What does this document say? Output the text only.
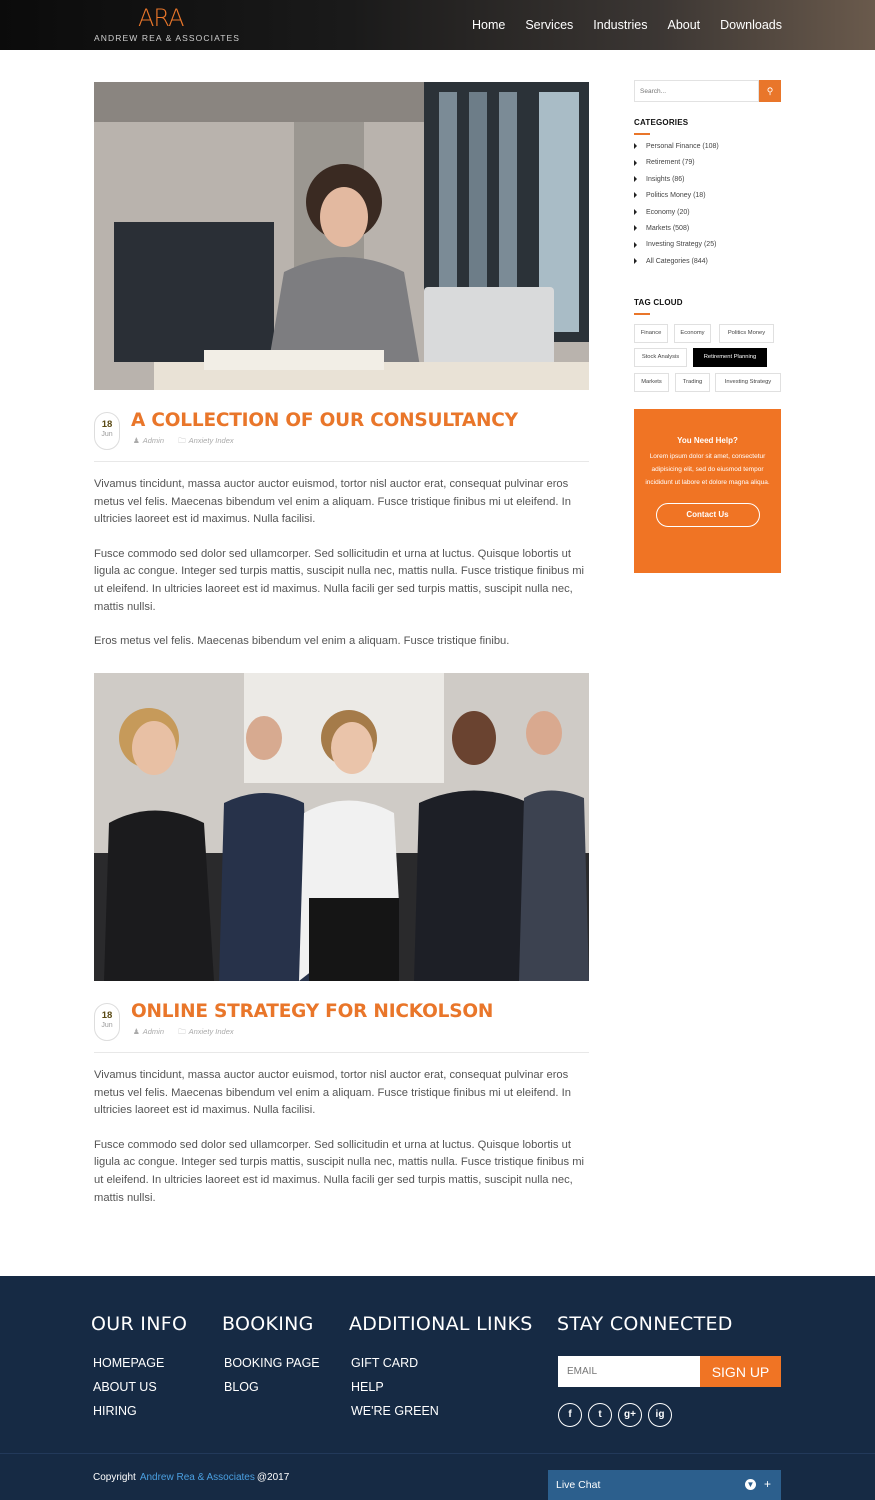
ARA
ANDREW REA & ASSOCIATES
Home Services Industries About Downloads
18
Jun
A COLLECTION OF OUR CONSULTANCY
♟ Admin 🗀 Anxiety Index

Vivamus tincidunt, massa auctor auctor euismod, tortor nisl auctor erat, consequat pulvinar eros metus vel felis. Maecenas bibendum vel enim a aliquam. Fusce tristique finibus mi ut eleifend. In ultricies laoreet est id maximus. Nulla facilisi.

Fusce commodo sed dolor sed ullamcorper. Sed sollicitudin et urna at luctus. Quisque lobortis ut ligula ac congue. Integer sed turpis mattis, suscipit nulla nec, mattis nulla. Fusce tristique finibus mi ut eleifend. In ultricies laoreet est id maximus. Nulla facili ger sed turpis mattis, suscipit nulla nec, mattis nullsi.

Eros metus vel felis. Maecenas bibendum vel enim a aliquam. Fusce tristique finibu.

18
Jun
ONLINE STRATEGY FOR NICKOLSON
♟ Admin 🗀 Anxiety Index

Vivamus tincidunt, massa auctor auctor euismod, tortor nisl auctor erat, consequat pulvinar eros metus vel felis. Maecenas bibendum vel enim a aliquam. Fusce tristique finibus mi ut eleifend. In ultricies laoreet est id maximus. Nulla facilisi.

Fusce commodo sed dolor sed ullamcorper. Sed sollicitudin et urna at luctus. Quisque lobortis ut ligula ac congue. Integer sed turpis mattis, suscipit nulla nec, mattis nulla. Fusce tristique finibus mi ut eleifend. In ultricies laoreet est id maximus. Nulla facili ger sed turpis mattis, suscipit nulla nec, mattis nullsi.

Search...
⚲
CATEGORIES
Personal Finance (108)
Retirement (79)
Insights (86)
Politics Money (18)
Economy (20)
Markets (508)
Investing Strategy (25)
All Categories (844)
TAG CLOUD
Finance	Economy	Politics Money
Stock Analysis	Retirement Planning
Markets	Trading	Investing Strategy
You Need Help?

Lorem ipsum dolor sit amet, consectetur adipisicing elit, sed do eiusmod tempor incididunt ut labore et dolore magna aliqua.

Contact Us
OUR INFO
HOMEPAGE
ABOUT US
HIRING
BOOKING
BOOKING PAGE
BLOG
ADDITIONAL LINKS
GIFT CARD
HELP
WE'RE GREEN
STAY CONNECTED
EMAIL
SIGN UP
f	t	g+	ig
Copyright Andrew Rea & Associates @2017
Live Chat	▼ +
